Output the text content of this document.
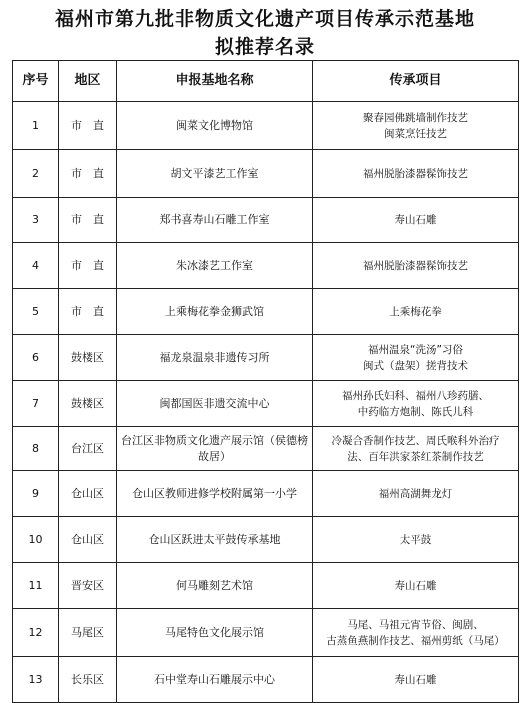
福州市第九批非物质文化遗产项目传承示范基地
拟推荐名录
序号	地区	申报基地名称	传承项目
1	市　直	闽菜文化博物馆	聚春园佛跳墙制作技艺
闽菜烹饪技艺

2	市　直	胡文平漆艺工作室	福州脱胎漆器髹饰技艺

3	市　直	郑书喜寿山石雕工作室	寿山石雕

4	市　直	朱冰漆艺工作室	福州脱胎漆器髹饰技艺

5	市　直	上乘梅花拳金狮武馆	上乘梅花拳

6	鼓楼区	福龙泉温泉非遗传习所	福州温泉“洗汤”习俗
闽式（盘架）搓背技术

7	鼓楼区	闽都国医非遗交流中心	福州孙氏妇科、福州八珍药膳、
中药临方炮制、陈氏儿科

8	台江区	台江区非物质文化遗产展示馆（侯德榜故居）	冷凝合香制作技艺、周氏喉科外治疗
法、百年洪家茶红茶制作技艺

9	仓山区	仓山区教师进修学校附属第一小学	福州高湖舞龙灯

10	仓山区	仓山区跃进太平鼓传承基地	太平鼓

11	晋安区	何马雕刻艺术馆	寿山石雕

12	马尾区	马尾特色文化展示馆	马尾、马祖元宵节俗、闽剧、
古蒸鱼燕制作技艺、福州剪纸（马尾）

13	长乐区	石中堂寿山石雕展示中心	寿山石雕
